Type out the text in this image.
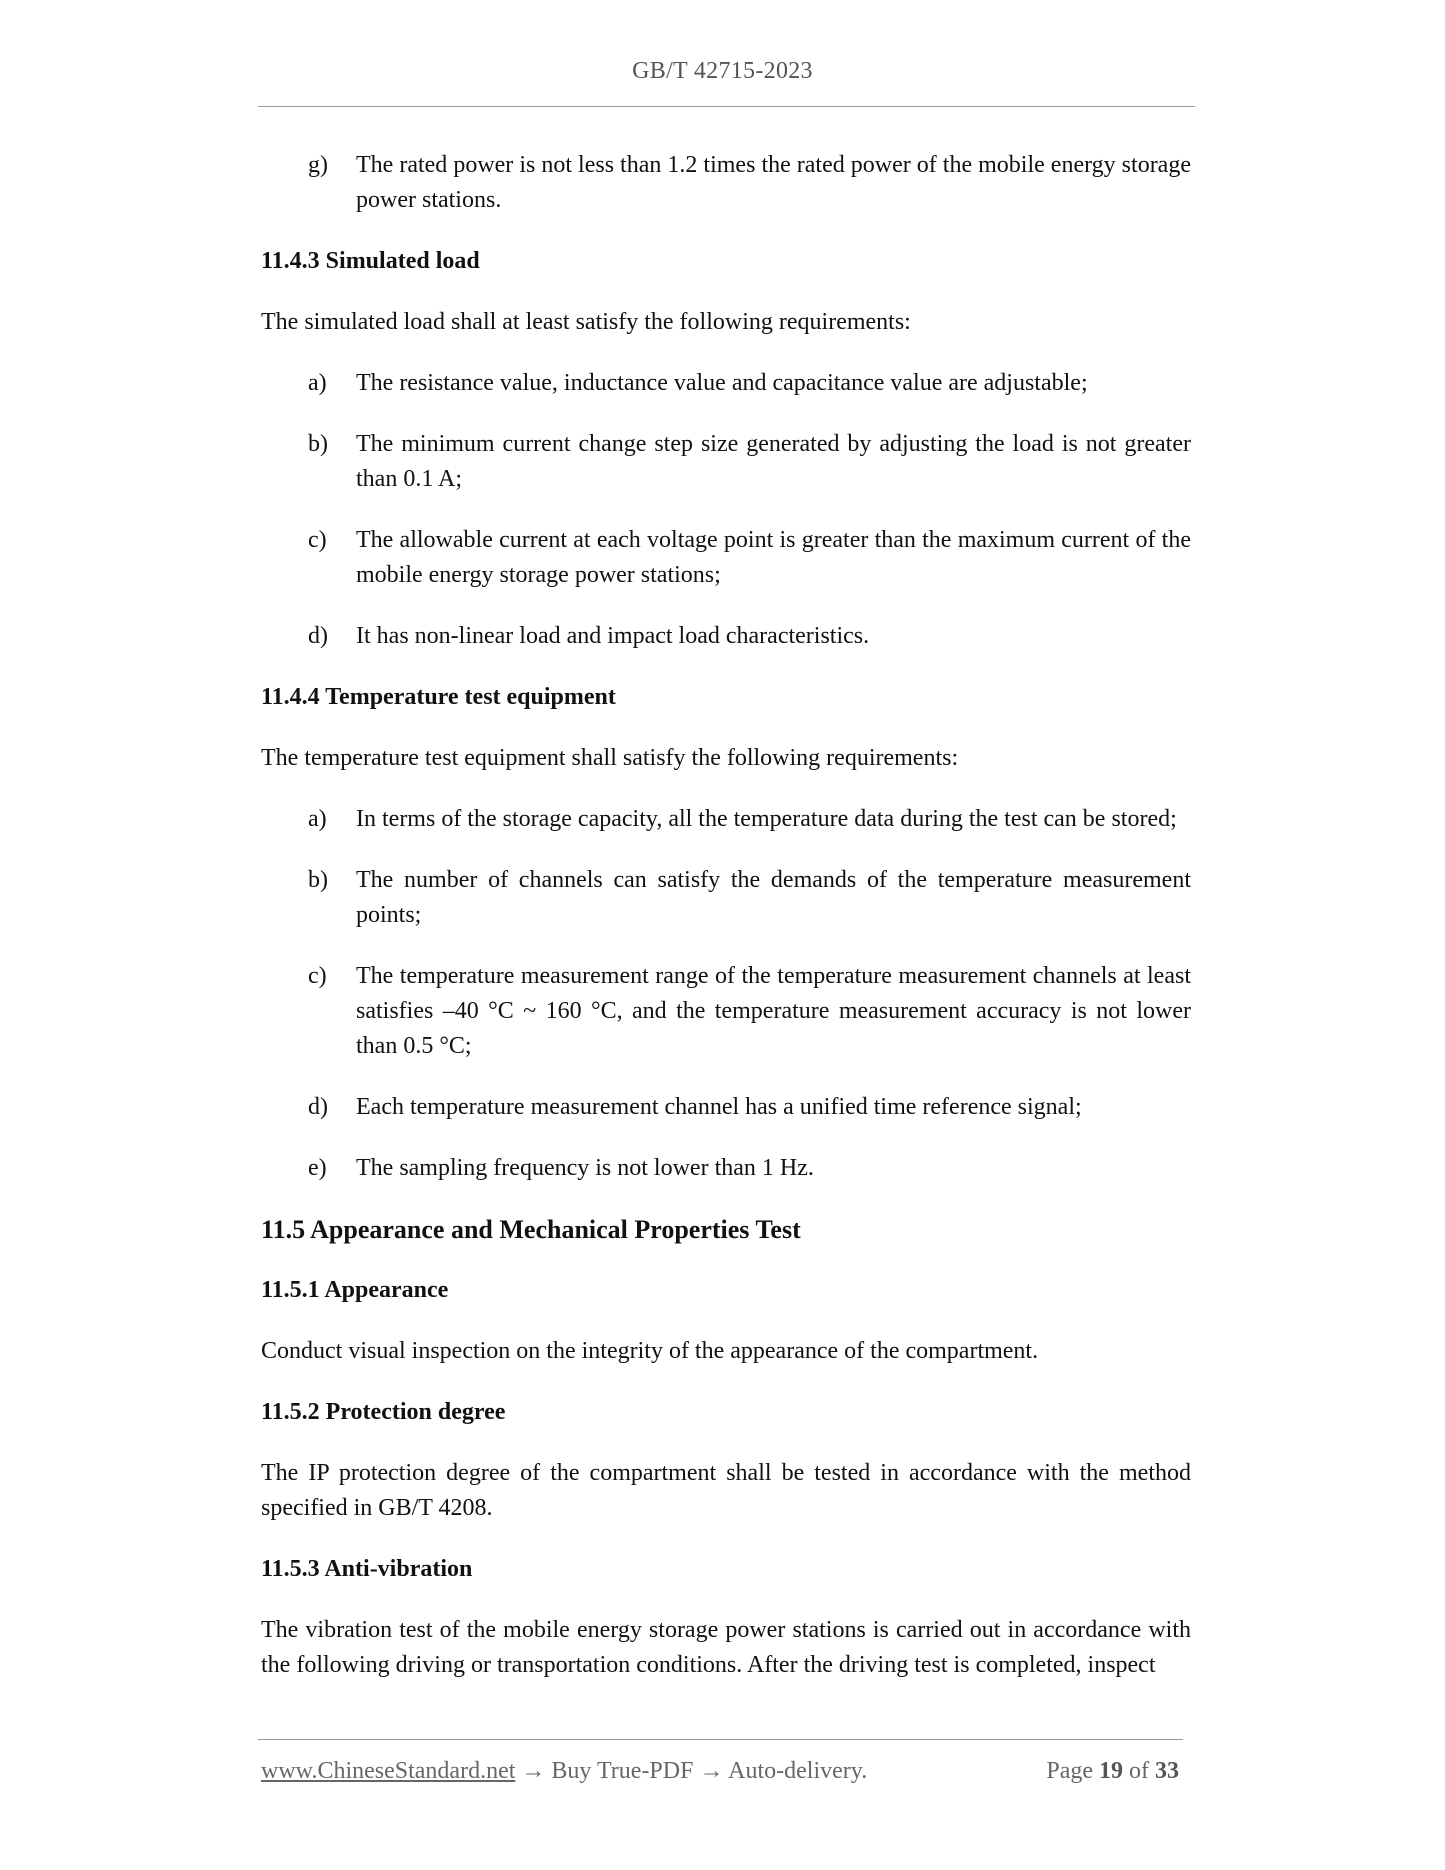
GB/T 42715-2023
g)	The rated power is not less than 1.2 times the rated power of the mobile energy storage power stations.
11.4.3 Simulated load

The simulated load shall at least satisfy the following requirements:

a)	The resistance value, inductance value and capacitance value are adjustable;
b)	The minimum current change step size generated by adjusting the load is not greater than 0.1 A;
c)	The allowable current at each voltage point is greater than the maximum current of the mobile energy storage power stations;
d)	It has non-linear load and impact load characteristics.
11.4.4 Temperature test equipment

The temperature test equipment shall satisfy the following requirements:

a)	In terms of the storage capacity, all the temperature data during the test can be stored;
b)	The number of channels can satisfy the demands of the temperature measurement points;
c)	The temperature measurement range of the temperature measurement channels at least satisfies –40 °C ~ 160 °C, and the temperature measurement accuracy is not lower than 0.5 °C;
d)	Each temperature measurement channel has a unified time reference signal;
e)	The sampling frequency is not lower than 1 Hz.
11.5 Appearance and Mechanical Properties Test
11.5.1 Appearance

Conduct visual inspection on the integrity of the appearance of the compartment.

11.5.2 Protection degree

The IP protection degree of the compartment shall be tested in accordance with the method specified in GB/T 4208.

11.5.3 Anti-vibration

The vibration test of the mobile energy storage power stations is carried out in accordance with the following driving or transportation conditions. After the driving test is completed, inspect

www.ChineseStandard.net → Buy True-PDF → Auto-delivery.	Page 19 of 33
